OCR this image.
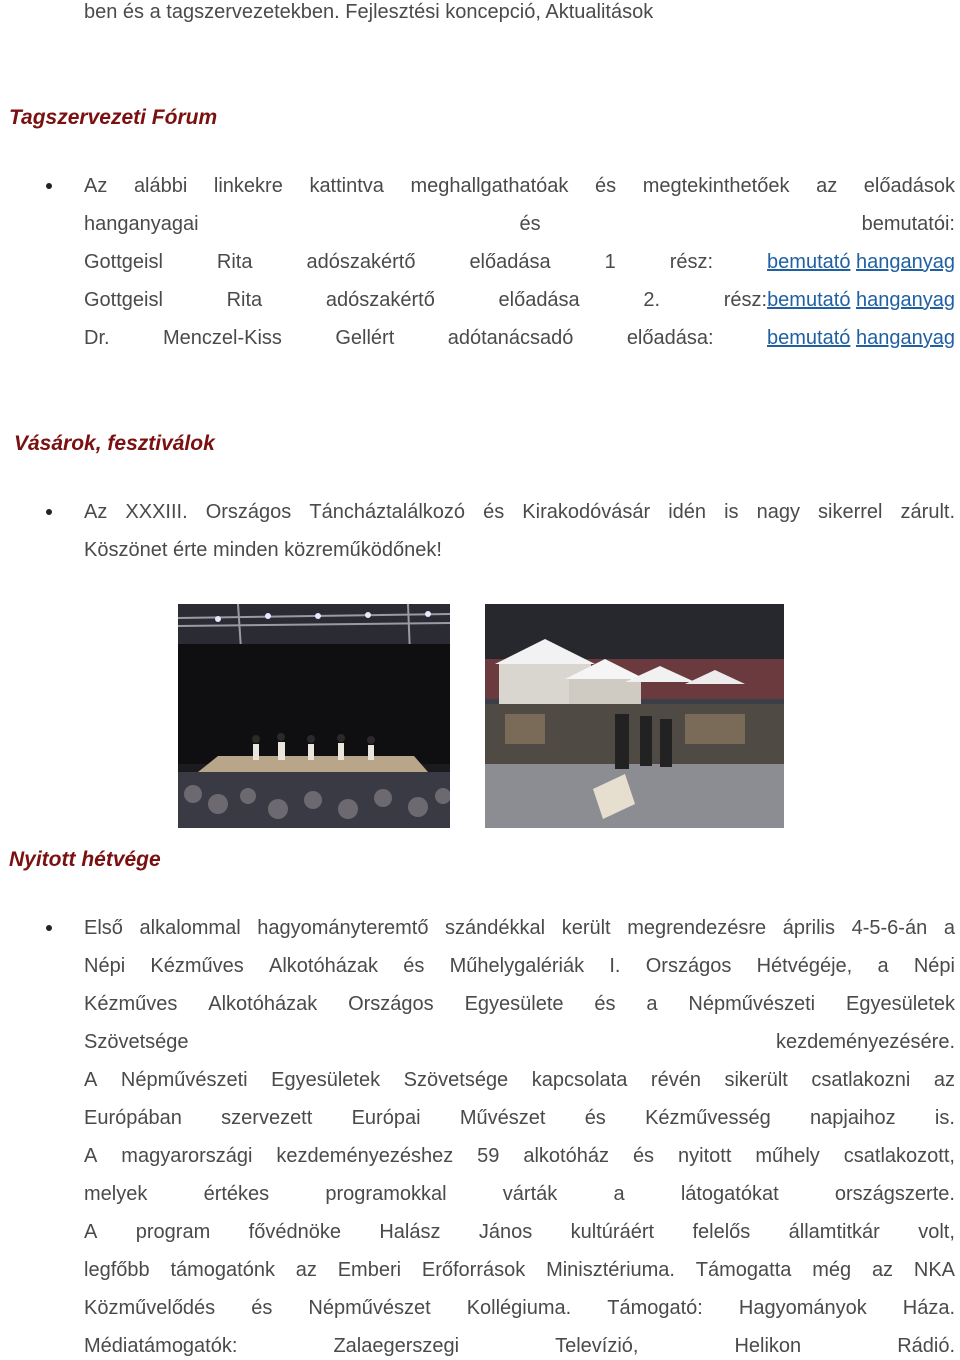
ben és a tagszervezetekben. Fejlesztési koncepció, Aktualitások
Tagszervezeti Fórum
Az alábbi linkekre kattintva meghallgathatóak és megtekinthetőek az előadások
hanganyagai	és	bemutatói:
Gottgeisl	Rita	adószakértő	előadása	1	rész:	bemutató hanganyag
Gottgeisl	Rita	adószakértő	előadása	2.	rész:bemutató hanganyag
Dr.	Menczel-Kiss	Gellért	adótanácsadó	előadása:	bemutató hanganyag
Vásárok, fesztiválok
Az XXXIII. Országos Táncháztalálkozó és Kirakodóvásár idén is nagy sikerrel zárult.
Köszönet érte minden közreműködőnek!
Nyitott hétvége
Első alkalommal hagyományteremtő szándékkal került megrendezésre április 4-5-6-án a
Népi Kézműves Alkotóházak és Műhelygalériák I. Országos Hétvégéje, a Népi
Kézműves Alkotóházak Országos Egyesülete és a Népművészeti Egyesületek
Szövetsége	kezdeményezésére.
A Népművészeti Egyesületek Szövetsége kapcsolata révén sikerült csatlakozni az
Európában szervezett Európai Művészet és Kézművesség napjaihoz is.
A magyarországi kezdeményezéshez 59 alkotóház és nyitott műhely csatlakozott,
melyek	értékes	programokkal	várták	a	látogatókat	országszerte.
A program fővédnöke Halász János kultúráért felelős államtitkár volt,
legfőbb támogatónk az Emberi Erőforrások Minisztériuma. Támogatta még az NKA
Közművelődés és Népművészet Kollégiuma. Támogató: Hagyományok Háza.
Médiatámogatók:	Zalaegerszegi	Televízió,	Helikon	Rádió.
